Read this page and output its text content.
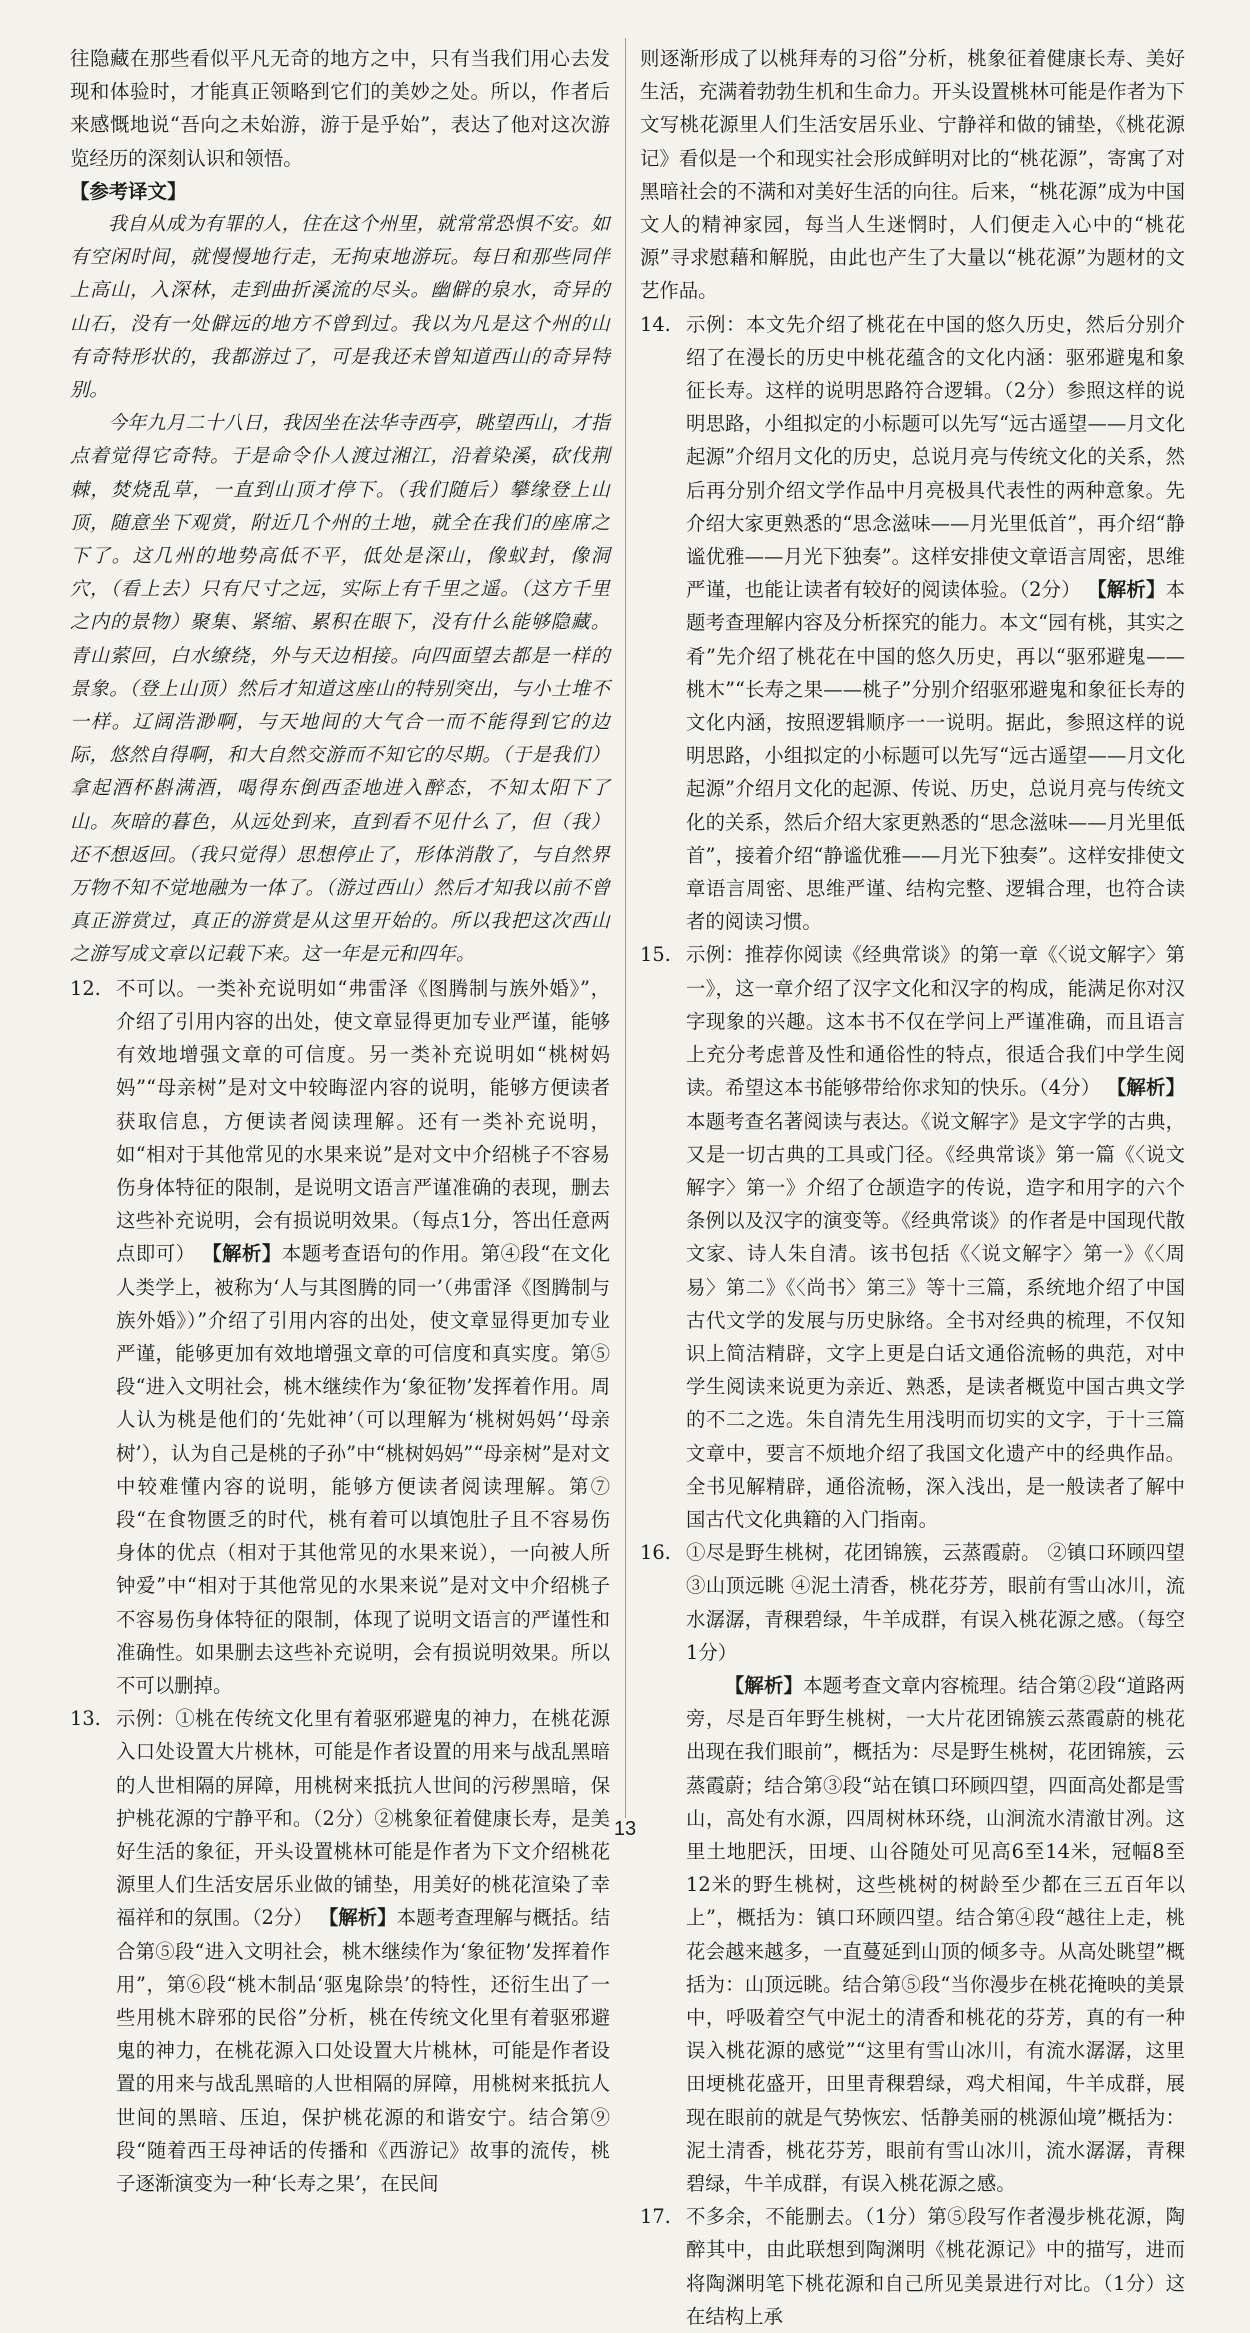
往隐藏在那些看似平凡无奇的地方之中，只有当我们用心去发现和体验时，才能真正领略到它们的美妙之处。所以，作者后来感慨地说“吾向之未始游，游于是乎始”，表达了他对这次游览经历的深刻认识和领悟。

【参考译文】

我自从成为有罪的人，住在这个州里，就常常恐惧不安。如有空闲时间，就慢慢地行走，无拘束地游玩。每日和那些同伴上高山，入深林，走到曲折溪流的尽头。幽僻的泉水，奇异的山石，没有一处僻远的地方不曾到过。我以为凡是这个州的山有奇特形状的，我都游过了，可是我还未曾知道西山的奇异特别。

今年九月二十八日，我因坐在法华寺西亭，眺望西山，才指点着觉得它奇特。于是命令仆人渡过湘江，沿着染溪，砍伐荆棘，焚烧乱草，一直到山顶才停下。（我们随后）攀缘登上山顶，随意坐下观赏，附近几个州的土地，就全在我们的座席之下了。这几州的地势高低不平，低处是深山，像蚁封，像洞穴，（看上去）只有尺寸之远，实际上有千里之遥。（这方千里之内的景物）聚集、紧缩、累积在眼下，没有什么能够隐藏。青山萦回，白水缭绕，外与天边相接。向四面望去都是一样的景象。（登上山顶）然后才知道这座山的特别突出，与小土堆不一样。辽阔浩渺啊，与天地间的大气合一而不能得到它的边际，悠然自得啊，和大自然交游而不知它的尽期。（于是我们）拿起酒杯斟满酒，喝得东倒西歪地进入醉态，不知太阳下了山。灰暗的暮色，从远处到来，直到看不见什么了，但（我）还不想返回。（我只觉得）思想停止了，形体消散了，与自然界万物不知不觉地融为一体了。（游过西山）然后才知我以前不曾真正游赏过，真正的游赏是从这里开始的。所以我把这次西山之游写成文章以记载下来。这一年是元和四年。

12. 不可以。一类补充说明如“弗雷泽《图腾制与族外婚》”，介绍了引用内容的出处，使文章显得更加专业严谨，能够有效地增强文章的可信度。另一类补充说明如“桃树妈妈”“母亲树”是对文中较晦涩内容的说明，能够方便读者获取信息，方便读者阅读理解。还有一类补充说明，如“相对于其他常见的水果来说”是对文中介绍桃子不容易伤身体特征的限制，是说明文语言严谨准确的表现，删去这些补充说明，会有损说明效果。（每点1分，答出任意两点即可） 【解析】本题考查语句的作用。第④段“在文化人类学上，被称为‘人与其图腾的同一’（弗雷泽《图腾制与族外婚》）”介绍了引用内容的出处，使文章显得更加专业严谨，能够更加有效地增强文章的可信度和真实度。第⑤段“进入文明社会，桃木继续作为‘象征物’发挥着作用。周人认为桃是他们的‘先妣神’（可以理解为‘桃树妈妈’‘母亲树’），认为自己是桃的子孙”中“桃树妈妈”“母亲树”是对文中较难懂内容的说明，能够方便读者阅读理解。第⑦段“在食物匮乏的时代，桃有着可以填饱肚子且不容易伤身体的优点（相对于其他常见的水果来说），一向被人所钟爱”中“相对于其他常见的水果来说”是对文中介绍桃子不容易伤身体特征的限制，体现了说明文语言的严谨性和准确性。如果删去这些补充说明，会有损说明效果。所以不可以删掉。
13. 示例：①桃在传统文化里有着驱邪避鬼的神力，在桃花源入口处设置大片桃林，可能是作者设置的用来与战乱黑暗的人世相隔的屏障，用桃树来抵抗人世间的污秽黑暗，保护桃花源的宁静平和。（2分）②桃象征着健康长寿，是美好生活的象征，开头设置桃林可能是作者为下文介绍桃花源里人们生活安居乐业做的铺垫，用美好的桃花渲染了幸福祥和的氛围。（2分） 【解析】本题考查理解与概括。结合第⑤段“进入文明社会，桃木继续作为‘象征物’发挥着作用”，第⑥段“桃木制品‘驱鬼除祟’的特性，还衍生出了一些用桃木辟邪的民俗”分析，桃在传统文化里有着驱邪避鬼的神力，在桃花源入口处设置大片桃林，可能是作者设置的用来与战乱黑暗的人世相隔的屏障，用桃树来抵抗人世间的黑暗、压迫，保护桃花源的和谐安宁。结合第⑨段“随着西王母神话的传播和《西游记》故事的流传，桃子逐渐演变为一种‘长寿之果’，在民间

则逐渐形成了以桃拜寿的习俗”分析，桃象征着健康长寿、美好生活，充满着勃勃生机和生命力。开头设置桃林可能是作者为下文写桃花源里人们生活安居乐业、宁静祥和做的铺垫，《桃花源记》看似是一个和现实社会形成鲜明对比的“桃花源”，寄寓了对黑暗社会的不满和对美好生活的向往。后来，“桃花源”成为中国文人的精神家园，每当人生迷惘时，人们便走入心中的“桃花源”寻求慰藉和解脱，由此也产生了大量以“桃花源”为题材的文艺作品。

14. 示例：本文先介绍了桃花在中国的悠久历史，然后分别介绍了在漫长的历史中桃花蕴含的文化内涵：驱邪避鬼和象征长寿。这样的说明思路符合逻辑。（2分）参照这样的说明思路，小组拟定的小标题可以先写“远古遥望——月文化起源”介绍月文化的历史，总说月亮与传统文化的关系，然后再分别介绍文学作品中月亮极具代表性的两种意象。先介绍大家更熟悉的“思念滋味——月光里低首”，再介绍“静谧优雅——月光下独奏”。这样安排使文章语言周密，思维严谨，也能让读者有较好的阅读体验。（2分） 【解析】本题考查理解内容及分析探究的能力。本文“园有桃，其实之肴”先介绍了桃花在中国的悠久历史，再以“驱邪避鬼——桃木”“长寿之果——桃子”分别介绍驱邪避鬼和象征长寿的文化内涵，按照逻辑顺序一一说明。据此，参照这样的说明思路，小组拟定的小标题可以先写“远古遥望——月文化起源”介绍月文化的起源、传说、历史，总说月亮与传统文化的关系，然后介绍大家更熟悉的“思念滋味——月光里低首”，接着介绍“静谧优雅——月光下独奏”。这样安排使文章语言周密、思维严谨、结构完整、逻辑合理，也符合读者的阅读习惯。
15. 示例：推荐你阅读《经典常谈》的第一章《〈说文解字〉第一》，这一章介绍了汉字文化和汉字的构成，能满足你对汉字现象的兴趣。这本书不仅在学问上严谨准确，而且语言上充分考虑普及性和通俗性的特点，很适合我们中学生阅读。希望这本书能够带给你求知的快乐。（4分） 【解析】本题考查名著阅读与表达。《说文解字》是文字学的古典，又是一切古典的工具或门径。《经典常谈》第一篇《〈说文解字〉第一》介绍了仓颉造字的传说，造字和用字的六个条例以及汉字的演变等。《经典常谈》的作者是中国现代散文家、诗人朱自清。该书包括《〈说文解字〉第一》《〈周易〉第二》《〈尚书〉第三》等十三篇，系统地介绍了中国古代文学的发展与历史脉络。全书对经典的梳理，不仅知识上简洁精辟，文字上更是白话文通俗流畅的典范，对中学生阅读来说更为亲近、熟悉，是读者概览中国古典文学的不二之选。朱自清先生用浅明而切实的文字，于十三篇文章中，要言不烦地介绍了我国文化遗产中的经典作品。全书见解精辟，通俗流畅，深入浅出，是一般读者了解中国古代文化典籍的入门指南。
16. ①尽是野生桃树，花团锦簇，云蒸霞蔚。 ②镇口环顾四望 ③山顶远眺 ④泥土清香，桃花芬芳，眼前有雪山冰川，流水潺潺，青稞碧绿，牛羊成群，有误入桃花源之感。（每空1分）

【解析】本题考查文章内容梳理。结合第②段“道路两旁，尽是百年野生桃树，一大片花团锦簇云蒸霞蔚的桃花出现在我们眼前”，概括为：尽是野生桃树，花团锦簇，云蒸霞蔚；结合第③段“站在镇口环顾四望，四面高处都是雪山，高处有水源，四周树林环绕，山涧流水清澈甘冽。这里土地肥沃，田埂、山谷随处可见高6至14米，冠幅8至12米的野生桃树，这些桃树的树龄至少都在三五百年以上”，概括为：镇口环顾四望。结合第④段“越往上走，桃花会越来越多，一直蔓延到山顶的倾多寺。从高处眺望”概括为：山顶远眺。结合第⑤段“当你漫步在桃花掩映的美景中，呼吸着空气中泥土的清香和桃花的芬芳，真的有一种误入桃花源的感觉”“这里有雪山冰川，有流水潺潺，这里田埂桃花盛开，田里青稞碧绿，鸡犬相闻，牛羊成群，展现在眼前的就是气势恢宏、恬静美丽的桃源仙境”概括为：泥土清香，桃花芬芳，眼前有雪山冰川，流水潺潺，青稞碧绿，牛羊成群，有误入桃花源之感。

17. 不多余，不能删去。（1分）第⑤段写作者漫步桃花源，陶醉其中，由此联想到陶渊明《桃花源记》中的描写，进而将陶渊明笔下桃花源和自己所见美景进行对比。（1分）这在结构上承
13
